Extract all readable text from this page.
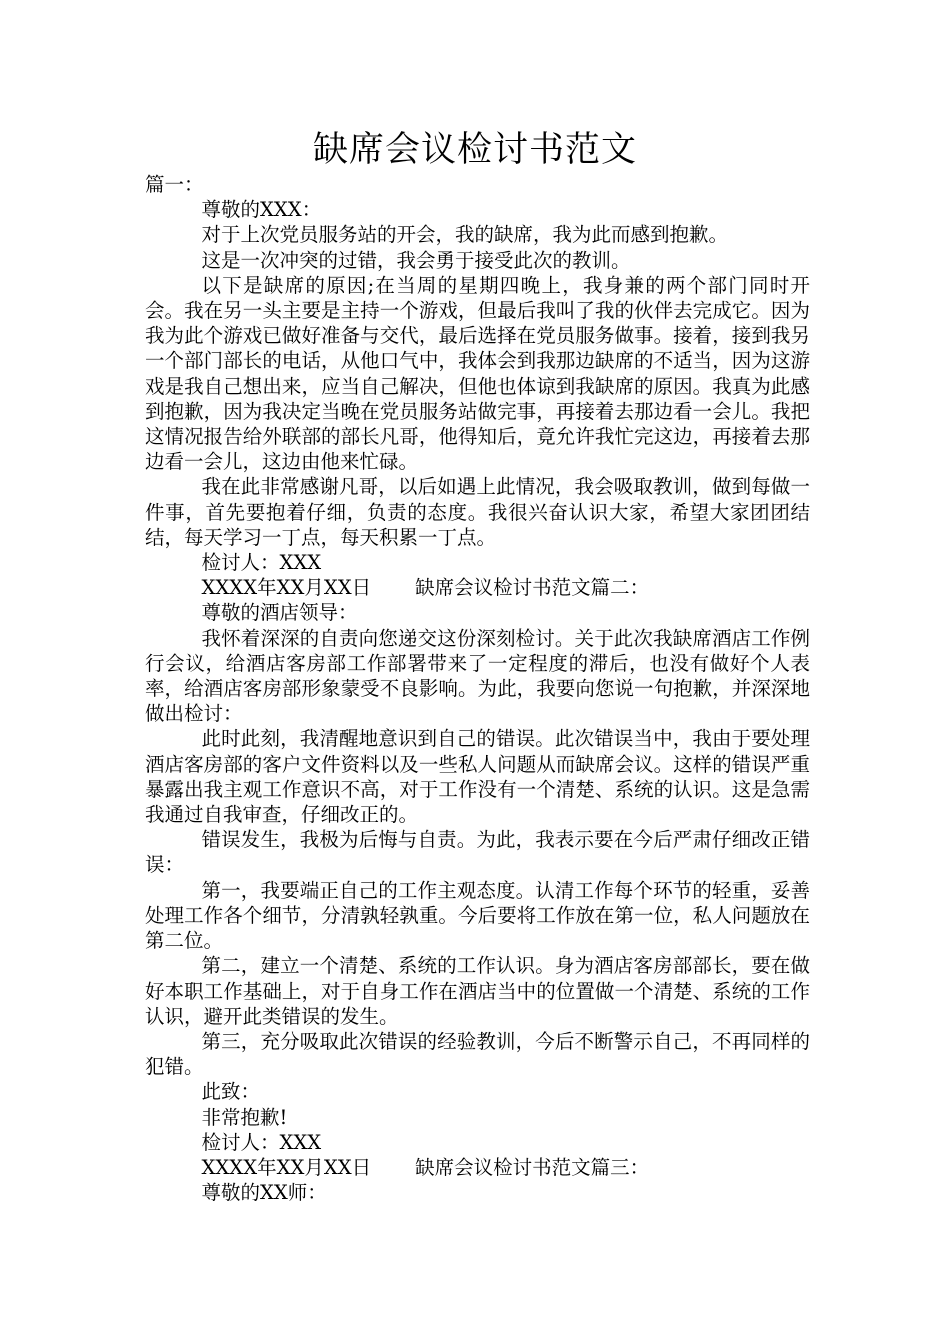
缺席会议检讨书范文

篇一：

尊敬的XXX：

对于上次党员服务站的开会，我的缺席，我为此而感到抱歉。

这是一次冲突的过错，我会勇于接受此次的教训。

以下是缺席的原因;在当周的星期四晚上，我身兼的两个部门同时开会。我在另一头主要是主持一个游戏，但最后我叫了我的伙伴去完成它。因为我为此个游戏已做好准备与交代，最后选择在党员服务做事。接着，接到我另一个部门部长的电话，从他口气中，我体会到我那边缺席的不适当，因为这游戏是我自己想出来，应当自己解决，但他也体谅到我缺席的原因。我真为此感到抱歉，因为我决定当晚在党员服务站做完事，再接着去那边看一会儿。我把这情况报告给外联部的部长凡哥，他得知后，竟允许我忙完这边，再接着去那边看一会儿，这边由他来忙碌。

我在此非常感谢凡哥，以后如遇上此情况，我会吸取教训，做到每做一件事，首先要抱着仔细，负责的态度。我很兴奋认识大家，希望大家团团结结，每天学习一丁点，每天积累一丁点。

检讨人：XXX

XXXX年XX月XX日 缺席会议检讨书范文篇二：

尊敬的酒店领导：

我怀着深深的自责向您递交这份深刻检讨。关于此次我缺席酒店工作例行会议，给酒店客房部工作部署带来了一定程度的滞后，也没有做好个人表率，给酒店客房部形象蒙受不良影响。为此，我要向您说一句抱歉，并深深地做出检讨：

此时此刻，我清醒地意识到自己的错误。此次错误当中，我由于要处理酒店客房部的客户文件资料以及一些私人问题从而缺席会议。这样的错误严重暴露出我主观工作意识不高，对于工作没有一个清楚、系统的认识。这是急需我通过自我审查，仔细改正的。

错误发生，我极为后悔与自责。为此，我表示要在今后严肃仔细改正错误：

第一，我要端正自己的工作主观态度。认清工作每个环节的轻重，妥善处理工作各个细节，分清孰轻孰重。今后要将工作放在第一位，私人问题放在第二位。

第二，建立一个清楚、系统的工作认识。身为酒店客房部部长，要在做好本职工作基础上，对于自身工作在酒店当中的位置做一个清楚、系统的工作认识，避开此类错误的发生。

第三，充分吸取此次错误的经验教训，今后不断警示自己，不再同样的犯错。

此致：

非常抱歉!

检讨人：XXX

XXXX年XX月XX日 缺席会议检讨书范文篇三：

尊敬的XX师：
